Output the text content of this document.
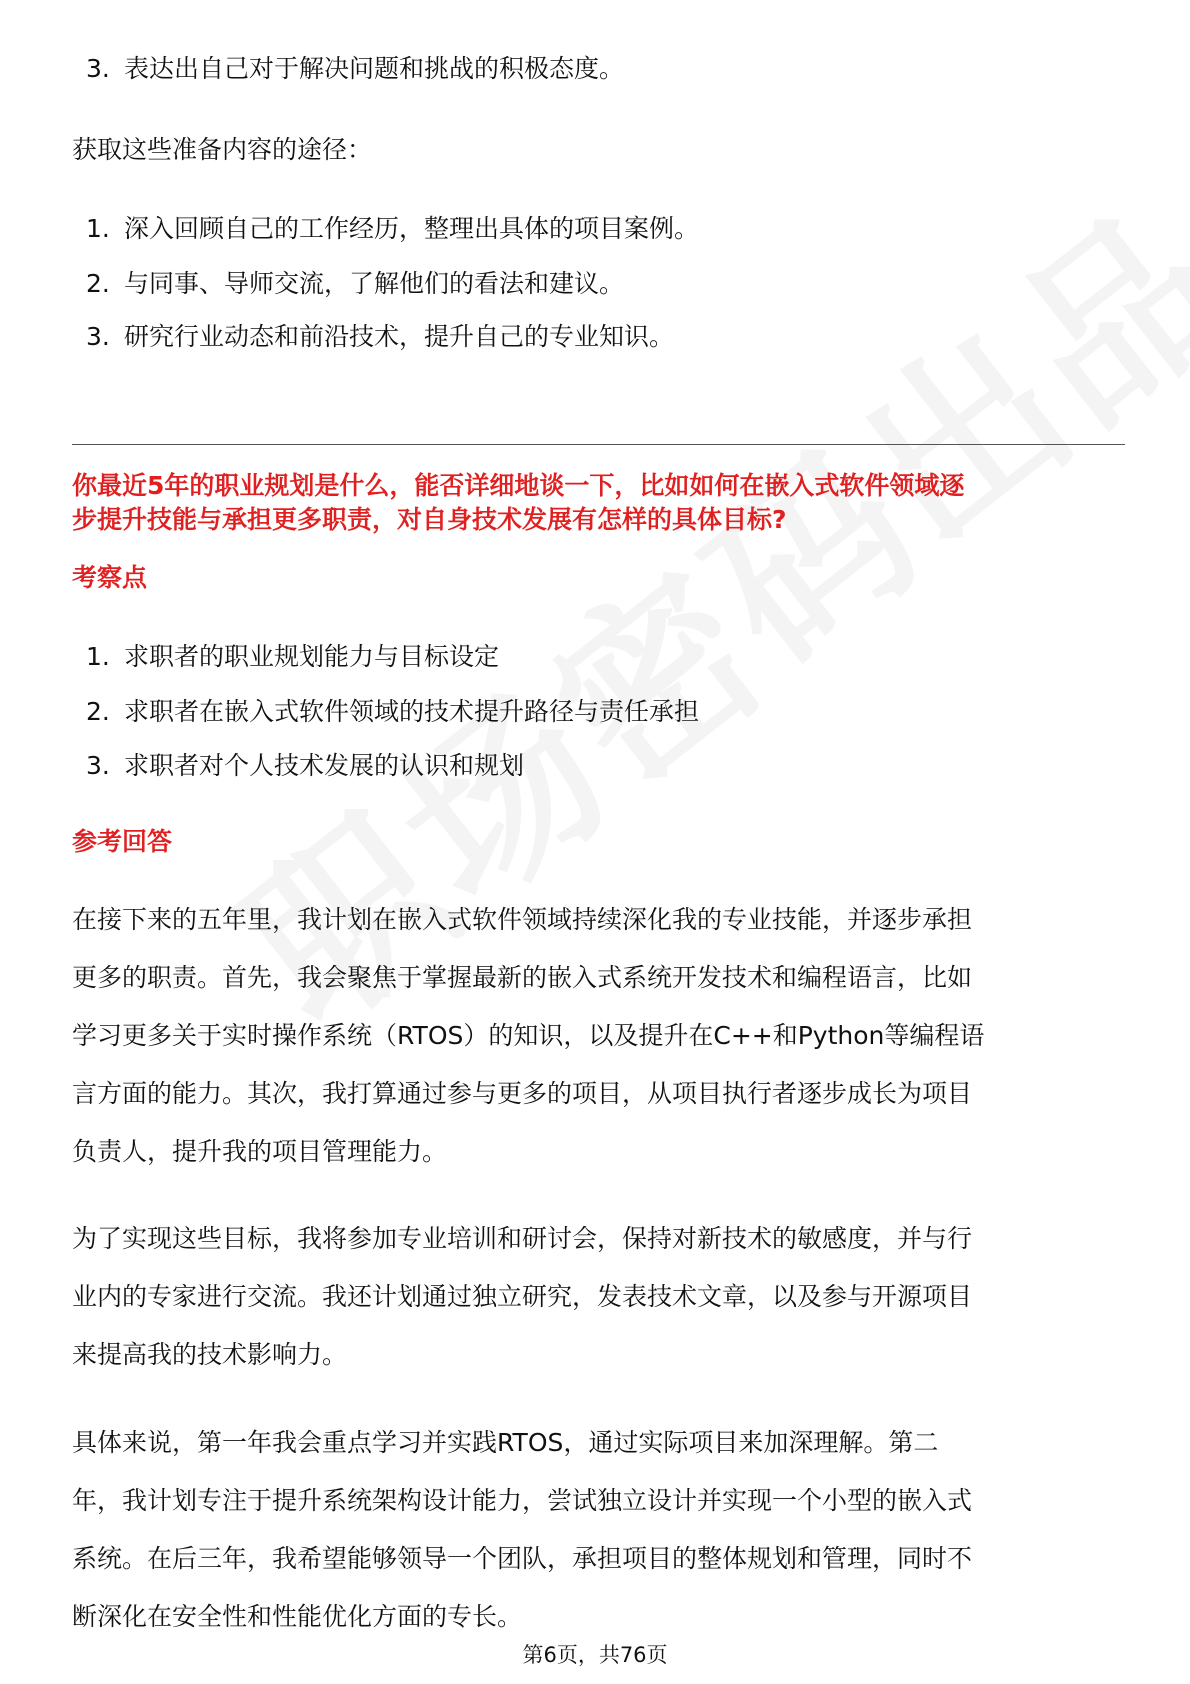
3. 表达出自己对于解决问题和挑战的积极态度。
获取这些准备内容的途径：
1. 深入回顾自己的工作经历，整理出具体的项目案例。
2. 与同事、导师交流，了解他们的看法和建议。
3. 研究行业动态和前沿技术，提升自己的专业知识。
你最近5年的职业规划是什么，能否详细地谈一下，比如如何在嵌入式软件领域逐
步提升技能与承担更多职责，对自身技术发展有怎样的具体目标?
考察点
1. 求职者的职业规划能力与目标设定
2. 求职者在嵌入式软件领域的技术提升路径与责任承担
3. 求职者对个人技术发展的认识和规划
参考回答
在接下来的五年里，我计划在嵌入式软件领域持续深化我的专业技能，并逐步承担
更多的职责。首先，我会聚焦于掌握最新的嵌入式系统开发技术和编程语言，比如
学习更多关于实时操作系统（RTOS）的知识，以及提升在C++和Python等编程语
言方面的能力。其次，我打算通过参与更多的项目，从项目执行者逐步成长为项目
负责人，提升我的项目管理能力。
为了实现这些目标，我将参加专业培训和研讨会，保持对新技术的敏感度，并与行
业内的专家进行交流。我还计划通过独立研究，发表技术文章，以及参与开源项目
来提高我的技术影响力。
具体来说，第一年我会重点学习并实践RTOS，通过实际项目来加深理解。第二
年，我计划专注于提升系统架构设计能力，尝试独立设计并实现一个小型的嵌入式
系统。在后三年，我希望能够领导一个团队，承担项目的整体规划和管理，同时不
断深化在安全性和性能优化方面的专长。
第6页，共76页
